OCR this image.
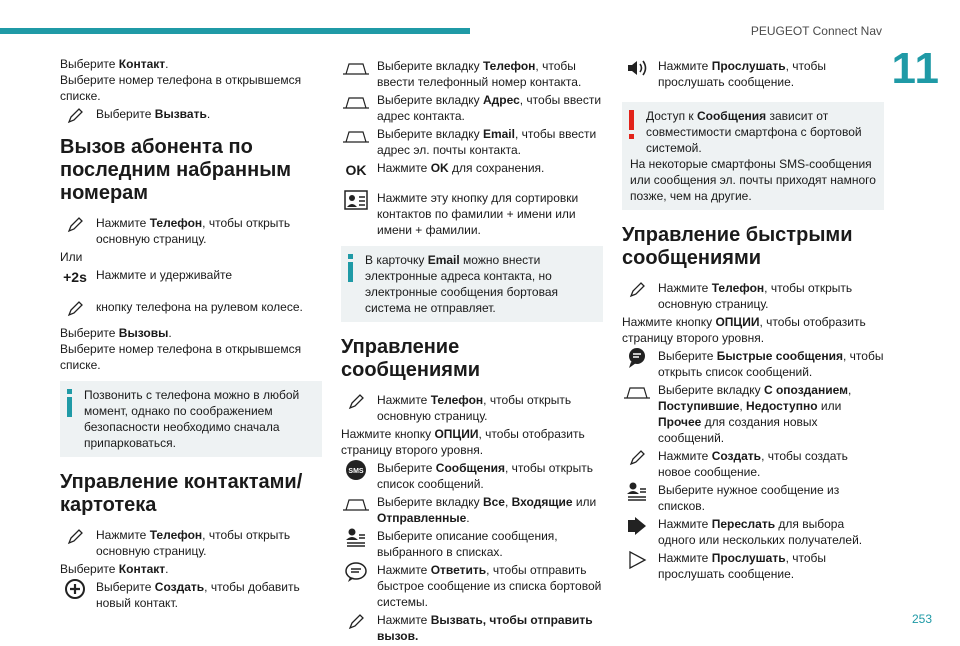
PEUGEOT Connect Nav
11

Выберите Контакт.

Выберите номер телефона в открывшемся списке.

Выберите Вызвать.
Вызов абонента по последним набранным номерам
Нажмите Телефон, чтобы открыть основную страницу.

Или

+2s Нажмите и удерживайте
кнопку телефона на рулевом колесе.

Выберите Вызовы.

Выберите номер телефона в открывшемся списке.

Позвонить с телефона можно в любой момент, однако по соображением безопасности необходимо сначала припарковаться.

Управление контактами/картотека
Нажмите Телефон, чтобы открыть основную страницу.

Выберите Контакт.

Выберите Создать, чтобы добавить новый контакт.
Выберите вкладку Телефон, чтобы ввести телефонный номер контакта.
Выберите вкладку Адрес, чтобы ввести адрес контакта.
Выберите вкладку Email, чтобы ввести адрес эл. почты контакта.
OK Нажмите OK для сохранения.
Нажмите эту кнопку для сортировки контактов по фамилии + имени или имени + фамилии.

В карточку Email можно внести электронные адреса контакта, но электронные сообщения бортовая система не отправляет.

Управление сообщениями
Нажмите Телефон, чтобы открыть основную страницу.

Нажмите кнопку ОПЦИИ, чтобы отобразить страницу второго уровня.

SMS Выберите Сообщения, чтобы открыть список сообщений.
Выберите вкладку Все, Входящие или Отправленные.
Выберите описание сообщения, выбранного в списках.
Нажмите Ответить, чтобы отправить быстрое сообщение из списка бортовой системы.
Нажмите Вызвать, чтобы отправить вызов.
Нажмите Прослушать, чтобы прослушать сообщение.

Доступ к Сообщения зависит от совместимости смартфона с бортовой системой.

На некоторые смартфоны SMS-сообщения или сообщения эл. почты приходят намного позже, чем на другие.

Управление быстрыми сообщениями
Нажмите Телефон, чтобы открыть основную страницу.

Нажмите кнопку ОПЦИИ, чтобы отобразить страницу второго уровня.

Выберите Быстрые сообщения, чтобы открыть список сообщений.
Выберите вкладку С опозданием, Поступившие, Недоступно или Прочее для создания новых сообщений.
Нажмите Создать, чтобы создать новое сообщение.
Выберите нужное сообщение из списков.
Нажмите Переслать для выбора одного или нескольких получателей.
Нажмите Прослушать, чтобы прослушать сообщение.
253
